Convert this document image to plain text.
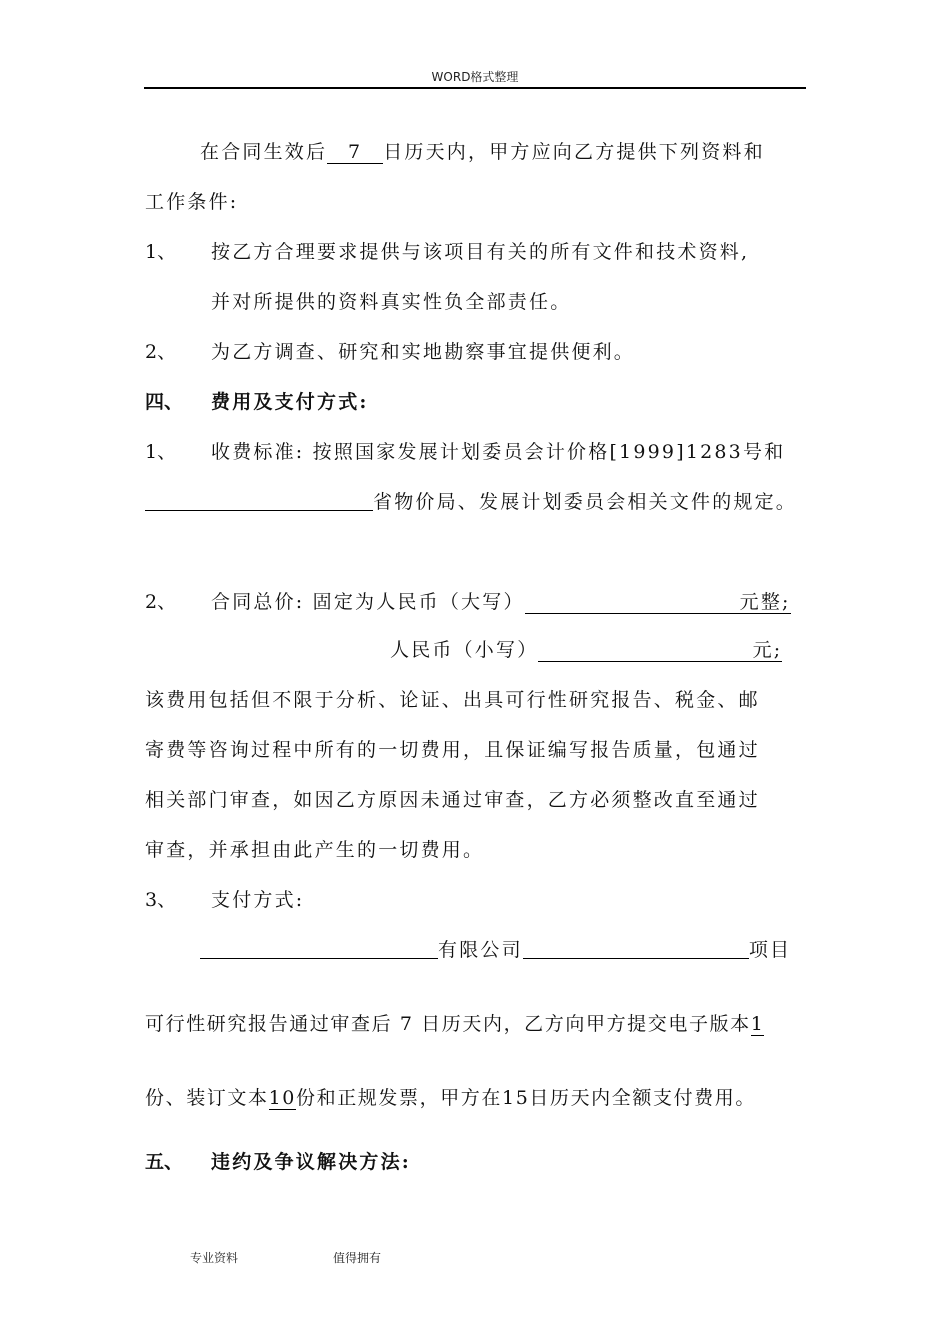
WORD格式整理
在合同生效后 7 日历天内，甲方应向乙方提供下列资料和
工作条件:
1、 按乙方合理要求提供与该项目有关的所有文件和技术资料,
并对所提供的资料真实性负全部责任。
2、 为乙方调查、研究和实地勘察事宜提供便利。
四、 费用及支付方式:
1、 收费标准: 按照国家发展计划委员会计价格[1999]1283号和
省物价局、发展计划委员会相关文件的规定。
2、 合同总价: 固定为人民币（大写）	元整;
人民币（小写）	元;
该费用包括但不限于分析、论证、出具可行性研究报告、税金、邮
寄费等咨询过程中所有的一切费用，且保证编写报告质量，包通过
相关部门审查，如因乙方原因未通过审查，乙方必须整改直至通过
审查，并承担由此产生的一切费用。
3、 支付方式:
有限公司	项目
可行性研究报告通过审查后 7 日历天内，乙方向甲方提交电子版本1
份、装订文本10份和正规发票，甲方在15日历天内全额支付费用。
五、 违约及争议解决方法:
专业资料	值得拥有
